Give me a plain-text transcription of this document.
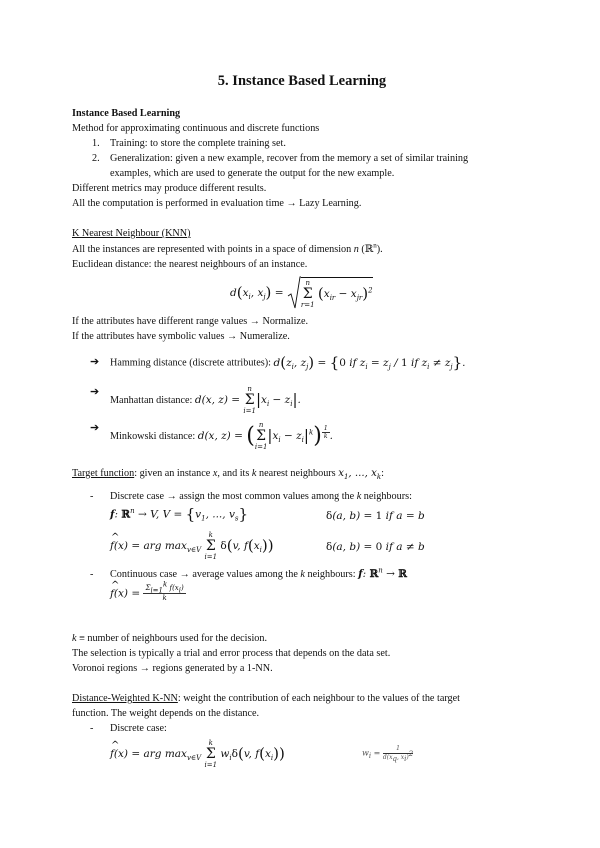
5. Instance Based Learning
Instance Based Learning
Method for approximating continuous and discrete functions
1. Training: to store the complete training set.
2. Generalization: given a new example, recover from the memory a set of similar training
examples, which are used to generate the output for the new example.
Different metrics may produce different results.
All the computation is performed in evaluation time → Lazy Learning.
K Nearest Neighbour (KNN)
All the instances are represented with points in a space of dimension n (ℝ$^n$).
Euclidean distance: the nearest neighbours of an instance.
$d(x_i$, $x_j$) =
n
Σ
r=1
$(x_{ir} - x_{jr})^2$
If the attributes have different range values → Normalize.
If the attributes have symbolic values → Numeralize.
➔ Hamming distance (discrete attributes): $d(z_i$, $z_j) = \{0$ if $z_i = z_j / 1$ if $z_i \ne z_j$}.
➔
Manhattan distance: d(x, z) =
n
Σ
i=1
$|x_i - z_i|$.
➔
Minkowski distance: d(x, z) = ( n
Σ
i=1
$|x_i - z_i|^k$) $^{\frac{1}{k}}$ .
Target function: given an instance x, and its k nearest neighbours $x_1$, ..., $x_k$:
- Discrete case → assign the most common values among the k neighbours:
f: ℝ$^n$ → V, $V = \{v_1$, ..., $v_s$}	δ(a, b) = 1 if a = b
^ f(x) = arg $\max_{v\in V}$
k
Σ
i=1
δ(v, $f(x_i)$)	δ(a, b) = 0 if a ≠ b
- Continuous case → average values among the k neighbours: f: ℝ$^n$ → ℝ
^ $f(x) = \frac{\Sigma_{i=1}^k f(x_i)}{k}$
k ≡ number of neighbours used for the decision.
The selection is typically a trial and error process that depends on the data set.
Voronoi regions → regions generated by a 1-NN.
Distance-Weighted K-NN: weight the contribution of each neighbour to the values of the target
function. The weight depends on the distance.
- Discrete case:
^ f(x) = arg $\max_{v\in V}$
k
Σ
i=1
$w_i\delta(v$, $f(x_i)$)	$w_i = \frac{1}{d(x_q, x_i)^2}$
